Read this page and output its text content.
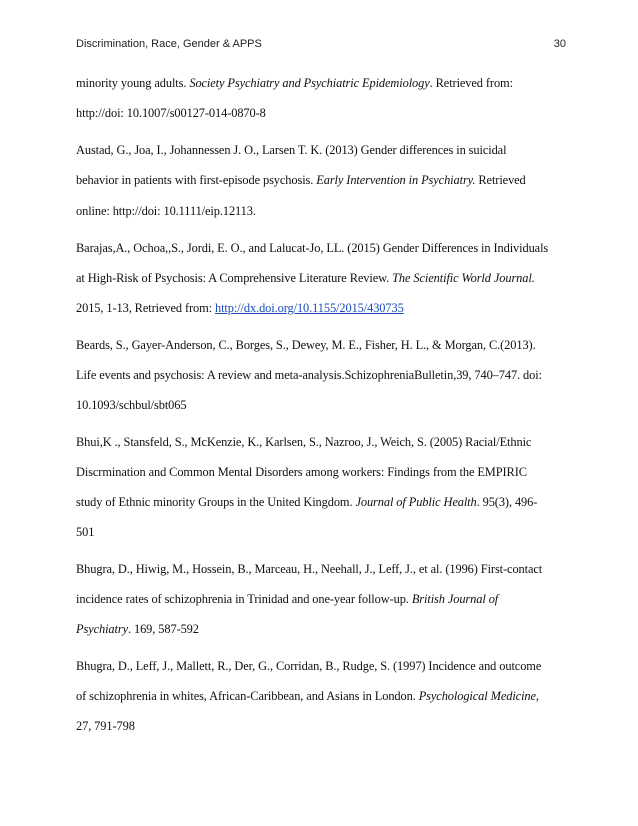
Discrimination, Race, Gender & APPS	30
minority young adults. Society Psychiatry and Psychiatric Epidemiology. Retrieved from:
http://doi: 10.1007/s00127-014-0870-8
Austad, G., Joa, I., Johannessen J. O., Larsen T. K. (2013) Gender differences in suicidal
behavior in patients with first-episode psychosis. Early Intervention in Psychiatry. Retrieved
online: http://doi: 10.1111/eip.12113.
Barajas,A., Ochoa,,S., Jordi, E. O., and Lalucat-Jo, LL. (2015) Gender Differences in Individuals
at High-Risk of Psychosis: A Comprehensive Literature Review. The Scientific World Journal.
2015, 1-13, Retrieved from: http://dx.doi.org/10.1155/2015/430735
Beards, S., Gayer-Anderson, C., Borges, S., Dewey, M. E., Fisher, H. L., & Morgan, C.(2013).
Life events and psychosis: A review and meta-analysis.SchizophreniaBulletin,39, 740–747. doi:
10.1093/schbul/sbt065
Bhui,K ., Stansfeld, S., McKenzie, K., Karlsen, S., Nazroo, J., Weich, S. (2005) Racial/Ethnic
Discrmination and Common Mental Disorders among workers: Findings from the EMPIRIC
study of Ethnic minority Groups in the United Kingdom. Journal of Public Health. 95(3), 496-
501
Bhugra, D., Hiwig, M., Hossein, B., Marceau, H., Neehall, J., Leff, J., et al. (1996) First-contact
incidence rates of schizophrenia in Trinidad and one-year follow-up. British Journal of
Psychiatry. 169, 587-592
Bhugra, D., Leff, J., Mallett, R., Der, G., Corridan, B., Rudge, S. (1997) Incidence and outcome
of schizophrenia in whites, African-Caribbean, and Asians in London. Psychological Medicine,
27, 791-798
